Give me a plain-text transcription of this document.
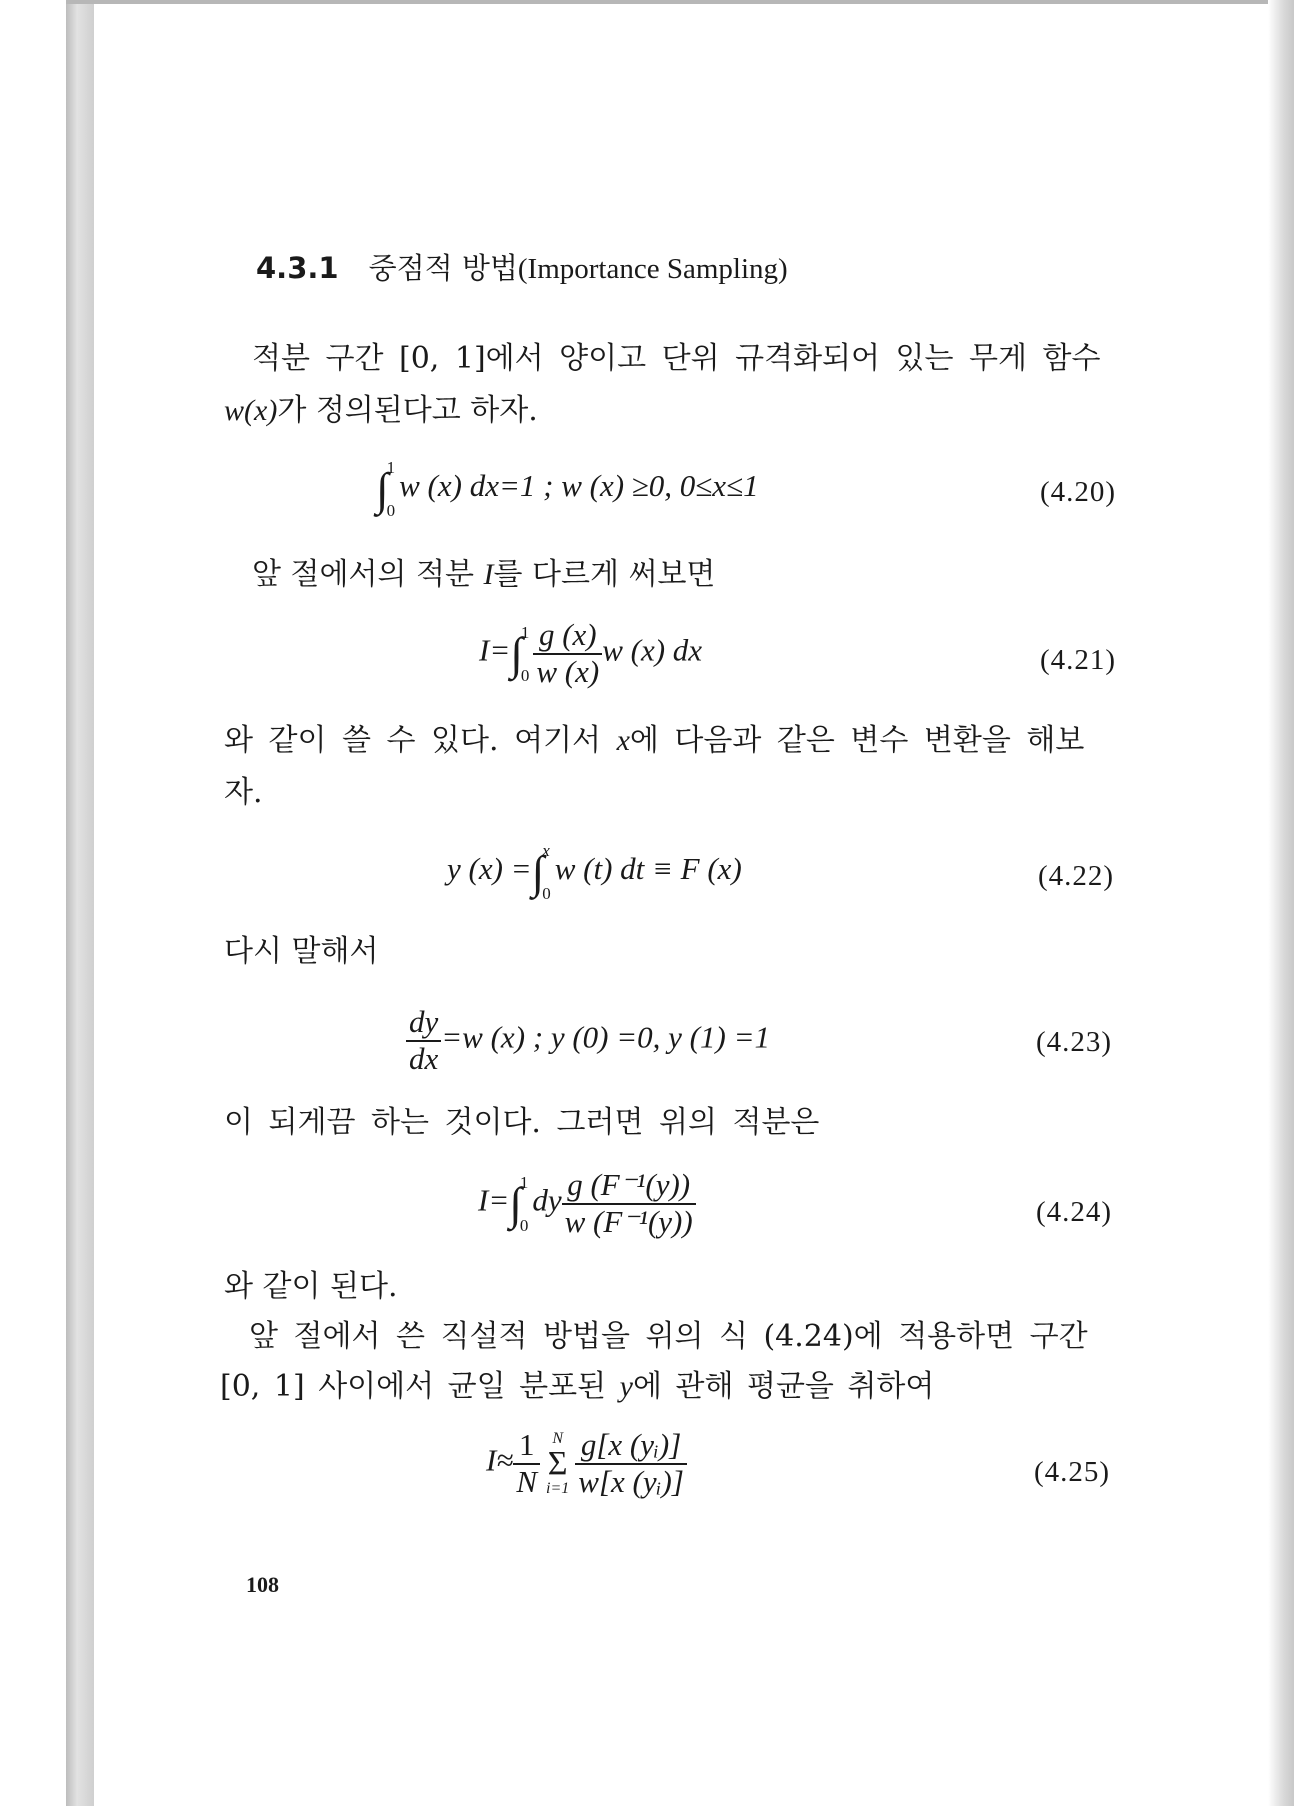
4.3.1 중점적 방법(Importance Sampling)
적분 구간 [0, 1]에서 양이고 단위 규격화되어 있는 무게 함수
w(x)가 정의된다고 하자.
∫
1
0
w (x) dx=1 ; w (x) ≥0, 0≤x≤1	(4.20)
앞 절에서의 적분 I를 다르게 써보면
I=∫
1
$0 \frac{g (x)}{w (x)}$ w (x) dx	(4.21)
와 같이 쓸 수 있다. 여기서 x에 다음과 같은 변수 변환을 해보
자.
y (x) =∫
x
0
w (t) dt ≡ F (x)	(4.22)
다시 말해서
$\frac{dy}{dx} =w$ (x) ; y (0) =0, y (1) =1	(4.23)
이 되게끔 하는 것이다. 그러면 위의 적분은
I=∫
1
0
dy $\frac{\text{g (F⁻¹(y))}}{\text{w (F⁻¹(y))}}$	(4.24)
와 같이 된다.
앞 절에서 쓴 직설적 방법을 위의 식 (4.24)에 적용하면 구간
[0, 1] 사이에서 균일 분포된 y에 관해 평균을 취하여
$I\approx \frac{1}{N}$ N
Σ
$i=1 \frac{\text{g[x (yᵢ)]}}{\text{w[x (yᵢ)]}}$	(4.25)
108
